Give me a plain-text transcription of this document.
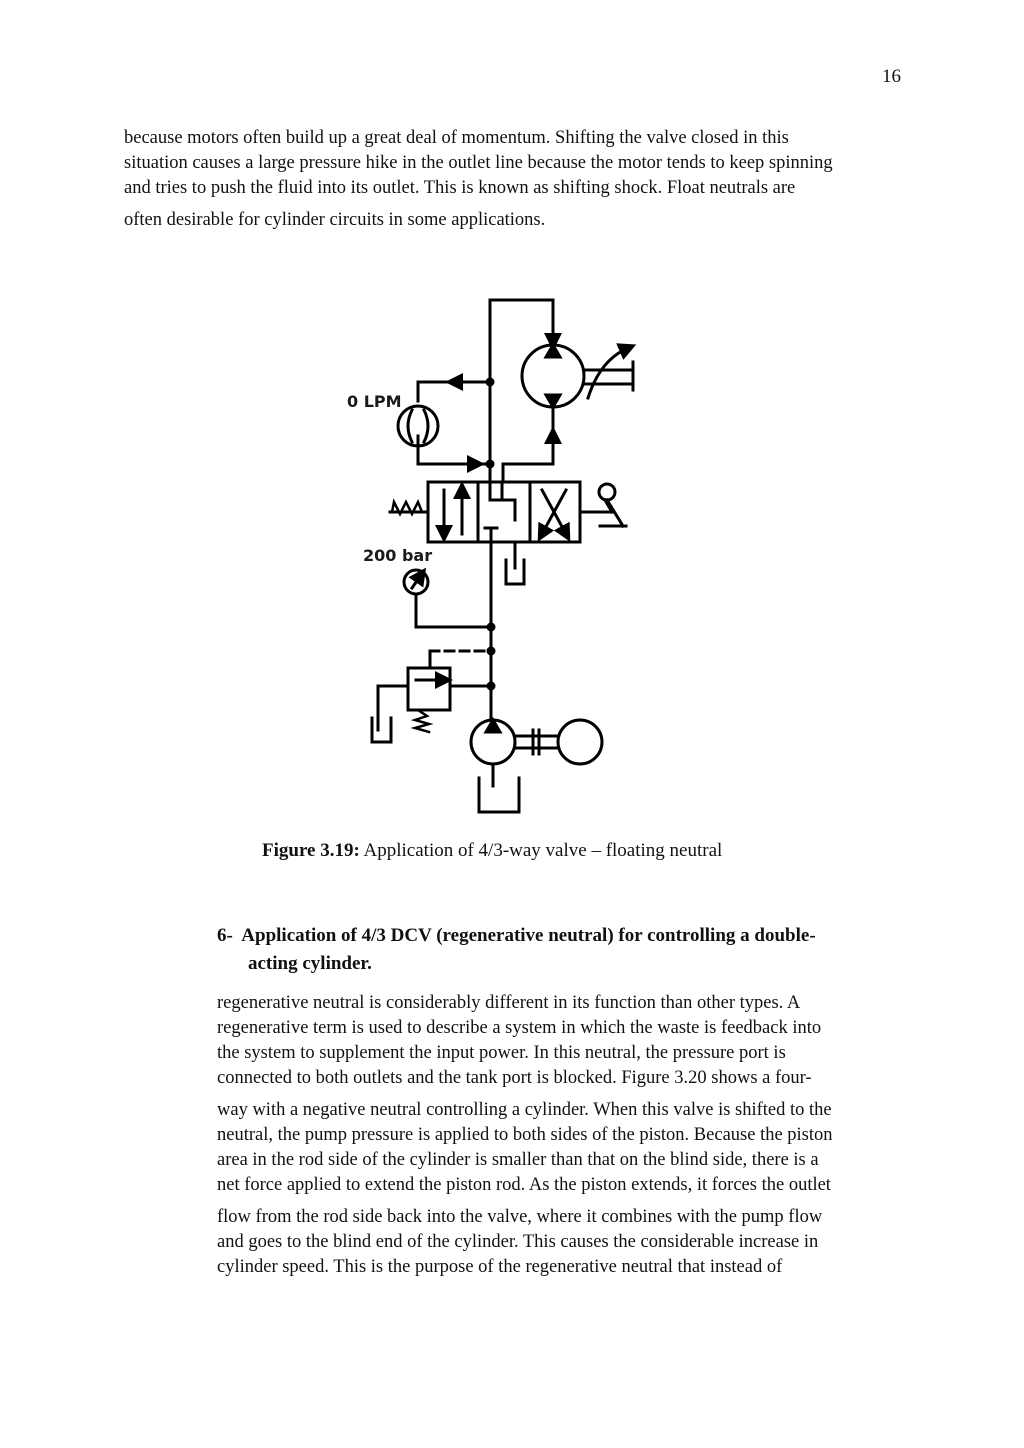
16
because motors often build up a great deal of momentum. Shifting the valve closed in this
situation causes a large pressure hike in the outlet line because the motor tends to keep spinning
and tries to push the fluid into its outlet. This is known as shifting shock. Float neutrals are
often desirable for cylinder circuits in some applications.
0 LPM
200 bar
Figure 3.19: Application of 4/3-way valve – floating neutral
6- Application of 4/3 DCV (regenerative neutral) for controlling a double-
acting cylinder.
regenerative neutral is considerably different in its function than other types. A
regenerative term is used to describe a system in which the waste is feedback into
the system to supplement the input power. In this neutral, the pressure port is
connected to both outlets and the tank port is blocked. Figure 3.20 shows a four-
way with a negative neutral controlling a cylinder. When this valve is shifted to the
neutral, the pump pressure is applied to both sides of the piston. Because the piston
area in the rod side of the cylinder is smaller than that on the blind side, there is a
net force applied to extend the piston rod. As the piston extends, it forces the outlet
flow from the rod side back into the valve, where it combines with the pump flow
and goes to the blind end of the cylinder. This causes the considerable increase in
cylinder speed. This is the purpose of the regenerative neutral that instead of
